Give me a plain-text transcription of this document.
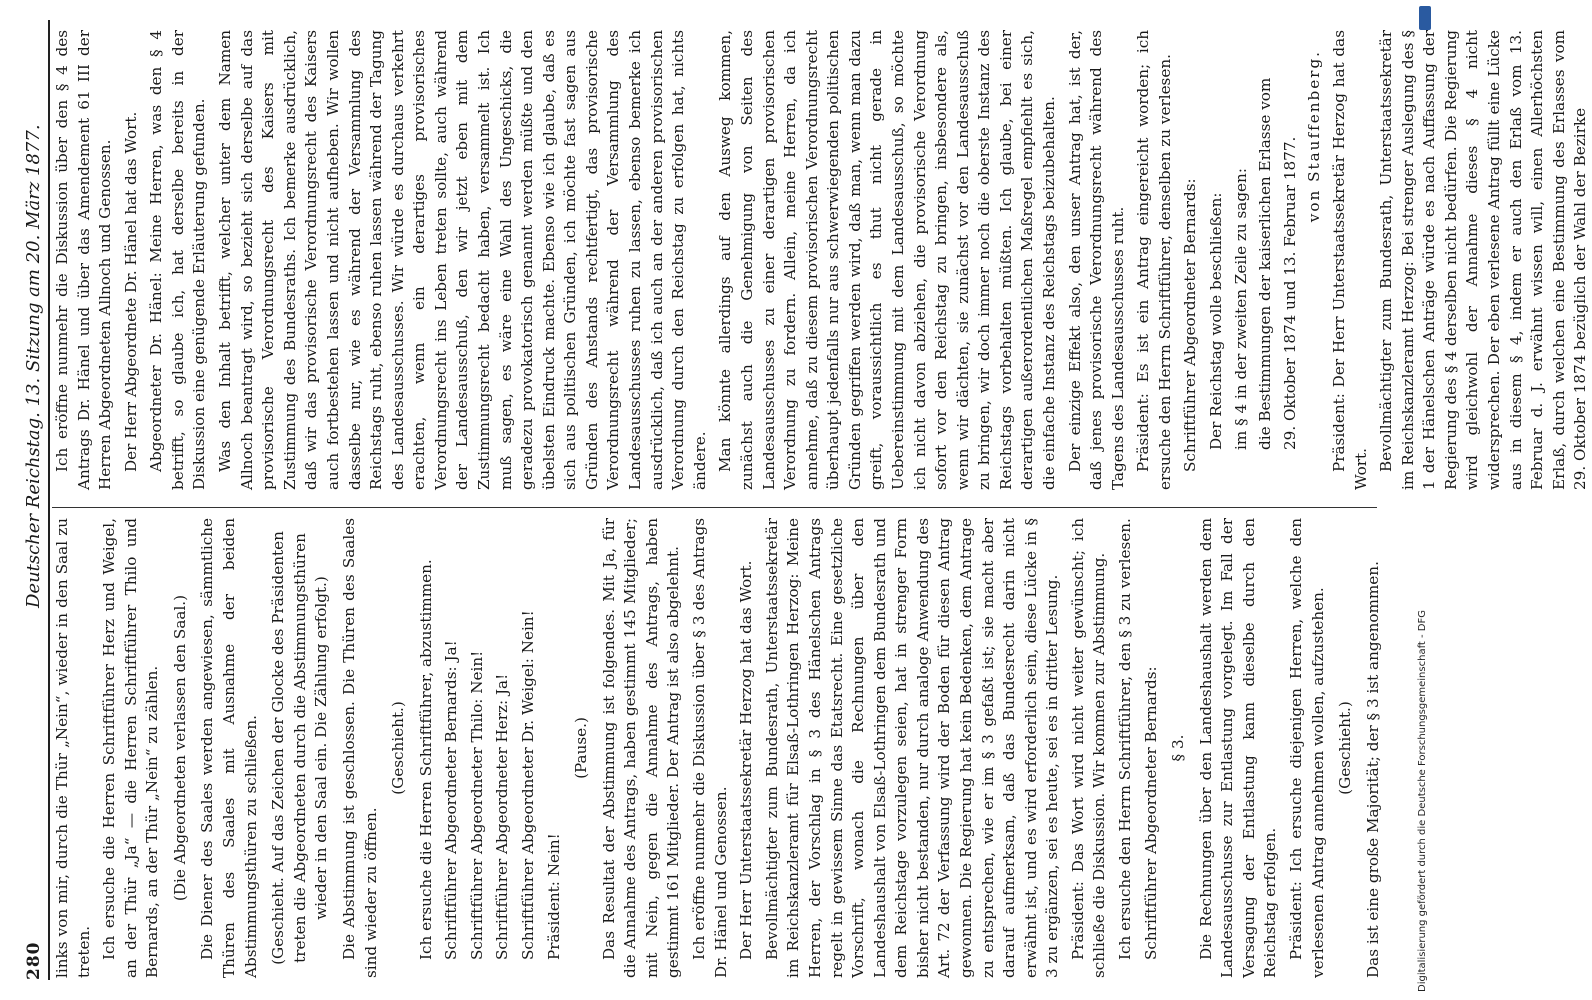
280
Deutscher Reichstag. 13. Sitzung am 20. März 1877.

links von mir, durch die Thür „Nein“, wieder in den Saal zu treten. Ich ersuche die Herren Schriftführer Herz und Weigel, an der Thür „Ja“ — die Herren Schriftführer Thilo und Bernards, an der Thür „Nein“ zu zählen. (Die Abgeordneten verlassen den Saal.) Die Diener des Saales werden angewiesen, sämmtliche Thüren des Saales mit Ausnahme der beiden Abstimmungsthüren zu schließen. (Geschieht. Auf das Zeichen der Glocke des Präsidenten treten die Abgeordneten durch die Abstimmungsthüren wieder in den Saal ein. Die Zählung erfolgt.) Die Abstimmung ist geschlossen. Die Thüren des Saales sind wieder zu öffnen.

(Geschieht.) Ich ersuche die Herren Schriftführer, abzustimmen. Schriftführer Abgeordneter Bernards: Ja! Schriftführer Abgeordneter Thilo: Nein! Schriftführer Abgeordneter Herz: Ja! Schriftführer Abgeordneter Dr. Weigel: Nein! Präsident: Nein!

(Pause.) Das Resultat der Abstimmung ist folgendes. Mit Ja, für die Annahme des Antrags, haben gestimmt 145 Mitglieder; mit Nein, gegen die Annahme des Antrags, haben gestimmt 161 Mitglieder. Der Antrag ist also abgelehnt. Ich eröffne nunmehr die Diskussion über § 3 des Antrags Dr. Hänel und Genossen. Der Herr Unterstaatssekretär Herzog hat das Wort. Bevollmächtigter zum Bundesrath, Unterstaatssekretär im Reichskanzleramt für Elsaß-Lothringen Herzog: Meine Herren, der Vorschlag in § 3 des Hänelschen Antrags regelt in gewissem Sinne das Etatsrecht. Eine gesetzliche Vorschrift, wonach die Rechnungen über den Landeshaushalt von Elsaß-Lothringen dem Bundesrath und dem Reichstage vorzulegen seien, hat in strenger Form bisher nicht bestanden, nur durch analoge Anwendung des Art. 72 der Verfassung wird der Boden für diesen Antrag gewonnen. Die Regierung hat kein Bedenken, dem Antrage zu entsprechen, wie er im § 3 gefaßt ist; sie macht aber darauf aufmerksam, daß das Bundesrecht darin nicht erwähnt ist, und es wird erforderlich sein, diese Lücke in § 3 zu ergänzen, sei es heute, sei es in dritter Lesung. Präsident: Das Wort wird nicht weiter gewünscht; ich schließe die Diskussion. Wir kommen zur Abstimmung. Ich ersuche den Herrn Schriftführer, den § 3 zu verlesen. Schriftführer Abgeordneter Bernards: § 3. Die Rechnungen über den Landeshaushalt werden dem Landesausschusse zur Entlastung vorgelegt. Im Fall der Versagung der Entlastung kann dieselbe durch den Reichstag erfolgen. Präsident: Ich ersuche diejenigen Herren, welche den verlesenen Antrag annehmen wollen, aufzustehen. (Geschieht.) Das ist eine große Majorität; der § 3 ist angenommen.

Ich eröffne nunmehr die Diskussion über den § 4 des Antrags Dr. Hänel und über das Amendement 61 III der Herren Abgeordneten Allnoch und Genossen. Der Herr Abgeordnete Dr. Hänel hat das Wort. Abgeordneter Dr. Hänel: Meine Herren, was den § 4 betrifft, so glaube ich, hat derselbe bereits in der Diskussion eine genügende Erläuterung gefunden. Was den Inhalt betrifft, welcher unter dem Namen Allnoch beantragt wird, so bezieht sich derselbe auf das provisorische Verordnungsrecht des Kaisers mit Zustimmung des Bundesraths. Ich bemerke ausdrücklich, daß wir das provisorische Verordnungsrecht des Kaisers auch fortbestehen lassen und nicht aufheben. Wir wollen dasselbe nur, wie es während der Versammlung des Reichstags ruht, ebenso ruhen lassen während der Tagung des Landesausschusses. Wir würde es durchaus verkehrt erachten, wenn ein derartiges provisorisches Verordnungsrecht ins Leben treten sollte, auch während der Landesausschuß, den wir jetzt eben mit dem Zustimmungsrecht bedacht haben, versammelt ist. Ich muß sagen, es wäre eine Wahl des Ungeschicks, die geradezu provokatorisch genannt werden müßte und den übelsten Eindruck machte. Ebenso wie ich glaube, daß es sich aus politischen Gründen, ich möchte fast sagen aus Gründen des Anstands rechtfertigt, das provisorische Verordnungsrecht während der Versammlung des Landesausschusses ruhen zu lassen, ebenso bemerke ich ausdrücklich, daß ich auch an der anderen provisorischen Verordnung durch den Reichstag zu erfolgen hat, nichts ändere. Man könnte allerdings auf den Ausweg kommen, zunächst auch die Genehmigung von Seiten des Landesausschusses zu einer derartigen provisorischen Verordnung zu fordern. Allein, meine Herren, da ich annehme, daß zu diesem provisorischen Verordnungsrecht überhaupt jedenfalls nur aus schwerwiegenden politischen Gründen gegriffen werden wird, daß man, wenn man dazu greift, voraussichtlich es thut nicht gerade in Uebereinstimmung mit dem Landesausschuß, so möchte ich nicht davon abziehen, die provisorische Verordnung sofort vor den Reichstag zu bringen, insbesondere als, wenn wir dächten, sie zunächst vor den Landesausschuß zu bringen, wir doch immer noch die oberste Instanz des Reichstags vorbehalten müßten. Ich glaube, bei einer derartigen außerordentlichen Maßregel empfiehlt es sich, die einfache Instanz des Reichstags beizubehalten. Der einzige Effekt also, den unser Antrag hat, ist der, daß jenes provisorische Verordnungsrecht während des Tagens des Landesausschusses ruht. Präsident: Es ist ein Antrag eingereicht worden; ich ersuche den Herrn Schriftführer, denselben zu verlesen. Schriftführer Abgeordneter Bernards: Der Reichstag wolle beschließen: im § 4 in der zweiten Zeile zu sagen: die Bestimmungen der kaiserlichen Erlasse vom 29. Oktober 1874 und 13. Februar 1877.
von Stauffenberg. Präsident: Der Herr Unterstaatssekretär Herzog hat das Wort. Bevollmächtigter zum Bundesrath, Unterstaatssekretär im Reichskanzleramt Herzog: Bei strenger Auslegung des § 1 der Hänelschen Anträge würde es nach Auffassung der Regierung des § 4 derselben nicht bedürfen. Die Regierung wird gleichwohl der Annahme dieses § 4 nicht widersprechen. Der eben verlesene Antrag füllt eine Lücke aus in diesem § 4, indem er auch den Erlaß vom 13. Februar d. J. erwähnt wissen will, einen Allerhöchsten Erlaß, durch welchen eine Bestimmung des Erlasses vom 29. Oktober 1874 bezüglich der Wahl der Bezirke

Digitalisierung gefördert durch die Deutsche Forschungsgemeinschaft - DFG
